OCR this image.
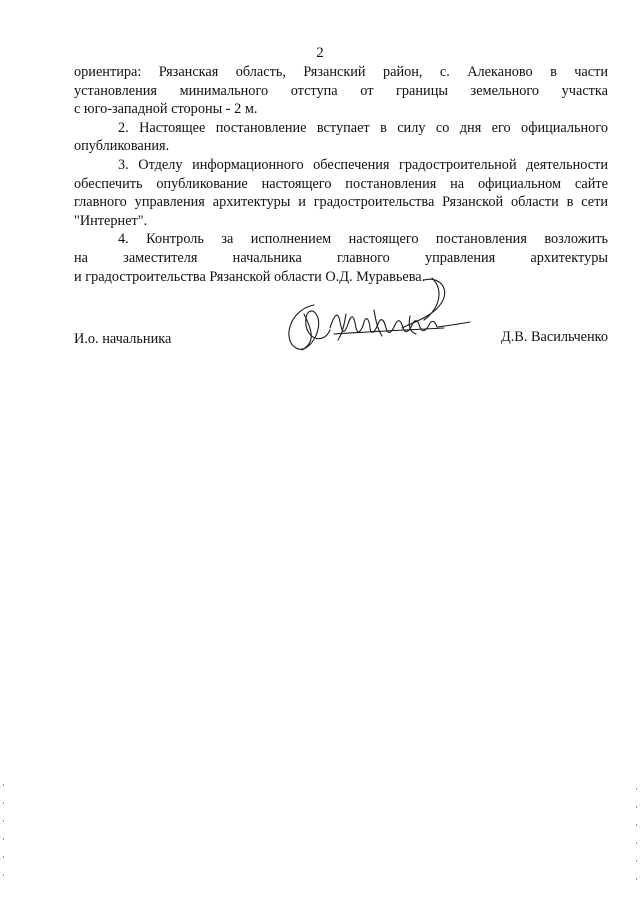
2

ориентира: Рязанская область, Рязанский район, с. Алеканово в части
установления минимального отступа от границы земельного участка
с юго-западной стороны - 2 м.

2. Настоящее постановление вступает в силу со дня его официального
опубликования.

3. Отделу информационного обеспечения градостроительной деятельности
обеспечить опубликование настоящего постановления на официальном сайте
главного управления архитектуры и градостроительства Рязанской области в сети
"Интернет".

4. Контроль за исполнением настоящего постановления возложить
на заместителя начальника главного управления архитектуры
и градостроительства Рязанской области О.Д. Муравьева.

И.о. начальника	Д.В. Васильченко
